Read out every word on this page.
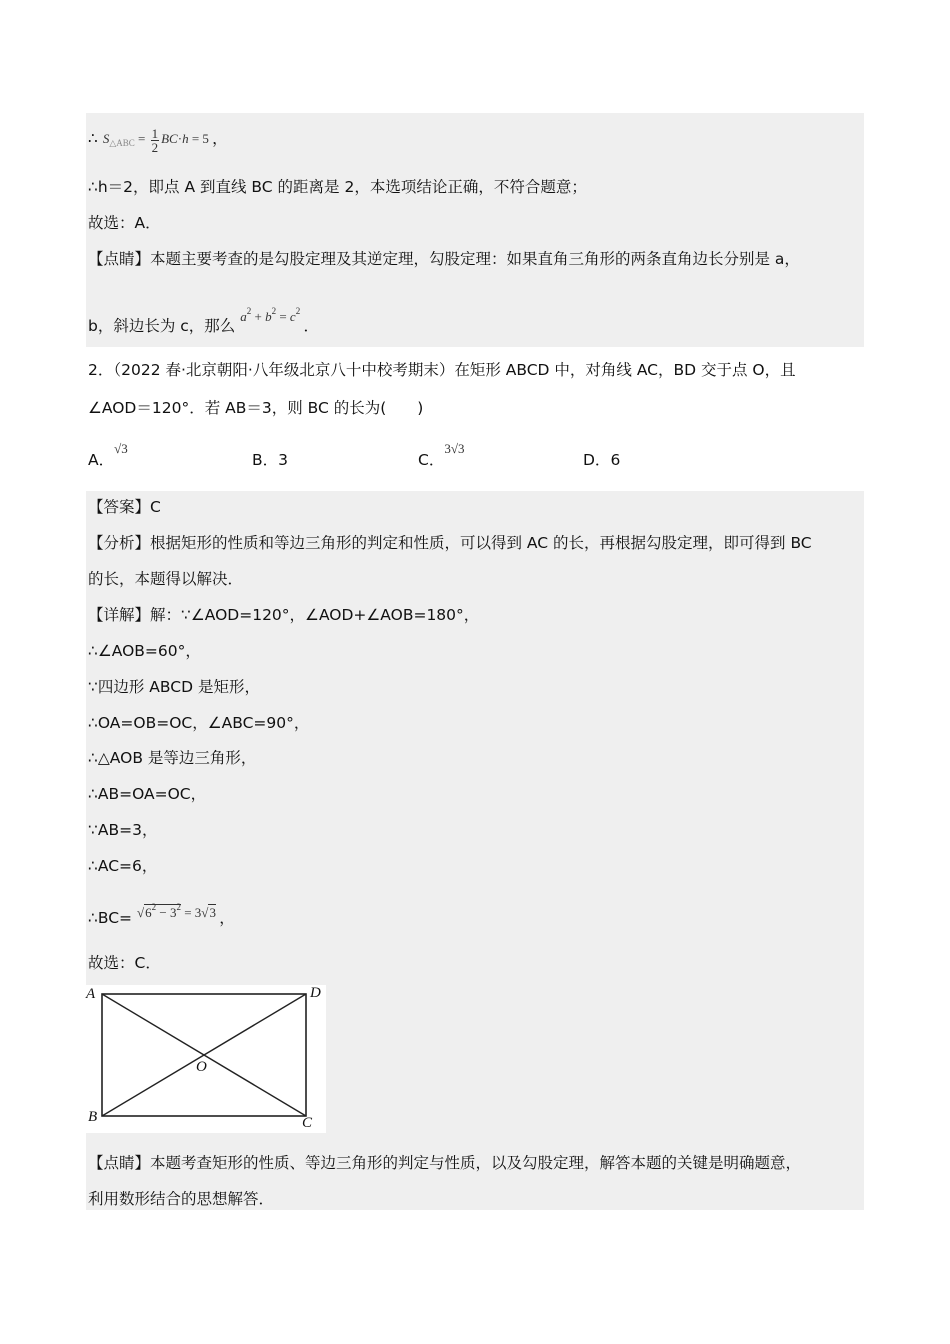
∴ $S_{\triangle ABC} = \frac{1}{2} BC\cdot h = 5$ ，
∴h＝2，即点 A 到直线 BC 的距离是 2，本选项结论正确，不符合题意；
故选：A．
【点睛】本题主要考查的是勾股定理及其逆定理，勾股定理：如果直角三角形的两条直角边长分别是 a，
b，斜边长为 c，那么 $^{a^2 + b^2 = c^2}$ ．
2．（2022 春·北京朝阳·八年级北京八十中校考期末）在矩形 ABCD 中，对角线 AC，BD 交于点 O，且
∠AOD＝120°．若 AB＝3，则 BC 的长为(　　)
A．$^{√3}$
B．3	C．$^{3√3}$
D．6
【答案】C
【分析】根据矩形的性质和等边三角形的判定和性质，可以得到 AC 的长，再根据勾股定理，即可得到 BC
的长，本题得以解决．
【详解】解：∵∠AOD=120°，∠AOD+∠AOB=180°，
∴∠AOB=60°，
∵四边形 ABCD 是矩形，
∴OA=OB=OC，∠ABC=90°，
∴△AOB 是等边三角形，
∴AB=OA=OC，
∵AB=3，
∴AC=6，
∴BC= $^{√6^2 - 3^2 = 3√3}$ ，
故选：C．
A	D
O
B	C
【点睛】本题考查矩形的性质、等边三角形的判定与性质，以及勾股定理，解答本题的关键是明确题意，
利用数形结合的思想解答．
